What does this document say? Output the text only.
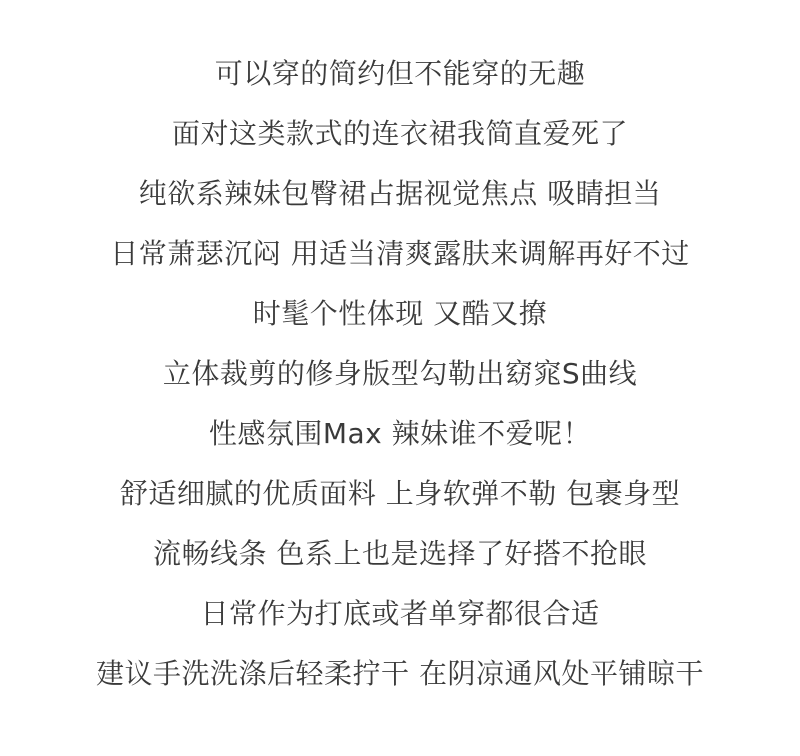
可以穿的简约但不能穿的无趣
面对这类款式的连衣裙我简直爱死了
纯欲系辣妹包臀裙占据视觉焦点 吸睛担当
日常萧瑟沉闷 用适当清爽露肤来调解再好不过
时髦个性体现 又酷又撩
立体裁剪的修身版型勾勒出窈窕S曲线
性感氛围Max 辣妹谁不爱呢！
舒适细腻的优质面料 上身软弹不勒 包裹身型
流畅线条 色系上也是选择了好搭不抢眼
日常作为打底或者单穿都很合适
建议手洗洗涤后轻柔拧干 在阴凉通风处平铺晾干
